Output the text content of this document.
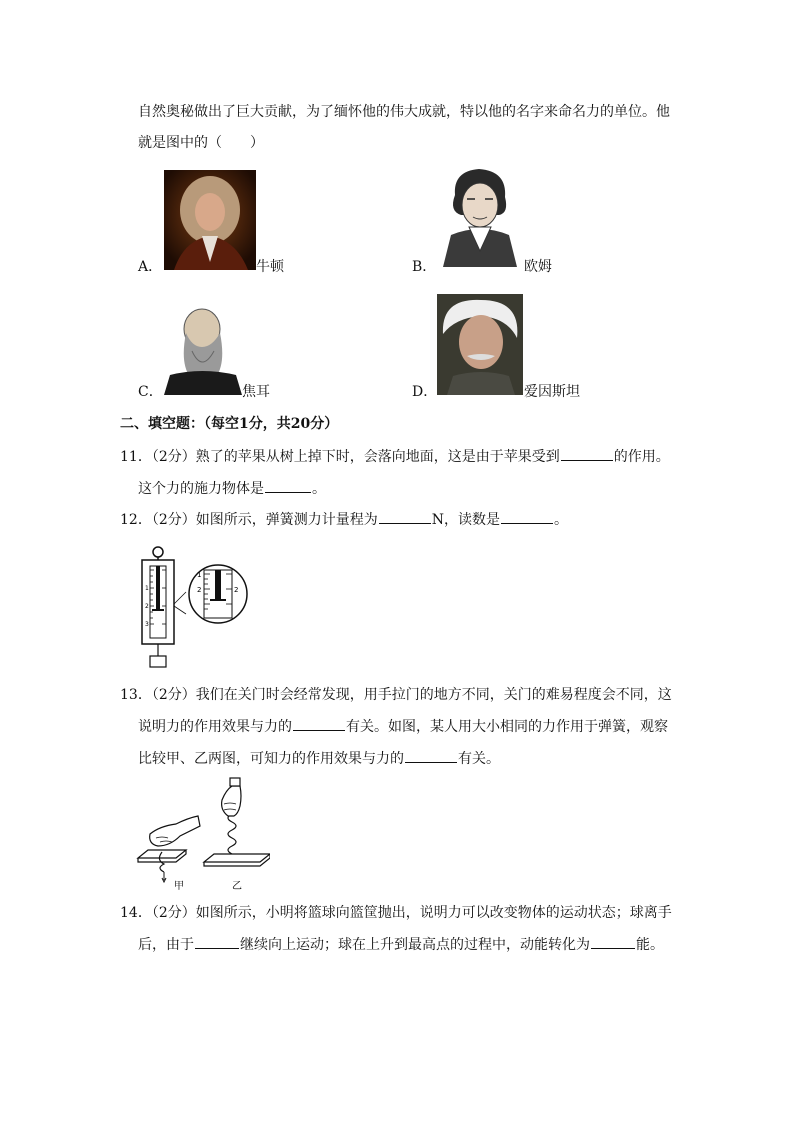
自然奥秘做出了巨大贡献，为了缅怀他的伟大成就，特以他的名字来命名力的单位。他
就是图中的（　　）
A．	牛顿	B．	欧姆
C．	焦耳	D．	爱因斯坦
二、填空题：（每空1分，共20分）
11．（2分）熟了的苹果从树上掉下时，会落向地面，这是由于苹果受到	的作用。
这个力的施力物体是	。
12．（2分）如图所示，弹簧测力计量程为	N，读数是	。
1
2
3
1
2	2
13．（2分）我们在关门时会经常发现，用手拉门的地方不同，关门的难易程度会不同，这
说明力的作用效果与力的	有关。如图，某人用大小相同的力作用于弹簧，观察
比较甲、乙两图，可知力的作用效果与力的	有关。
甲	乙
14．（2分）如图所示，小明将篮球向篮筐抛出，说明力可以改变物体的运动状态；球离手
后，由于	继续向上运动；球在上升到最高点的过程中，动能转化为	能。
